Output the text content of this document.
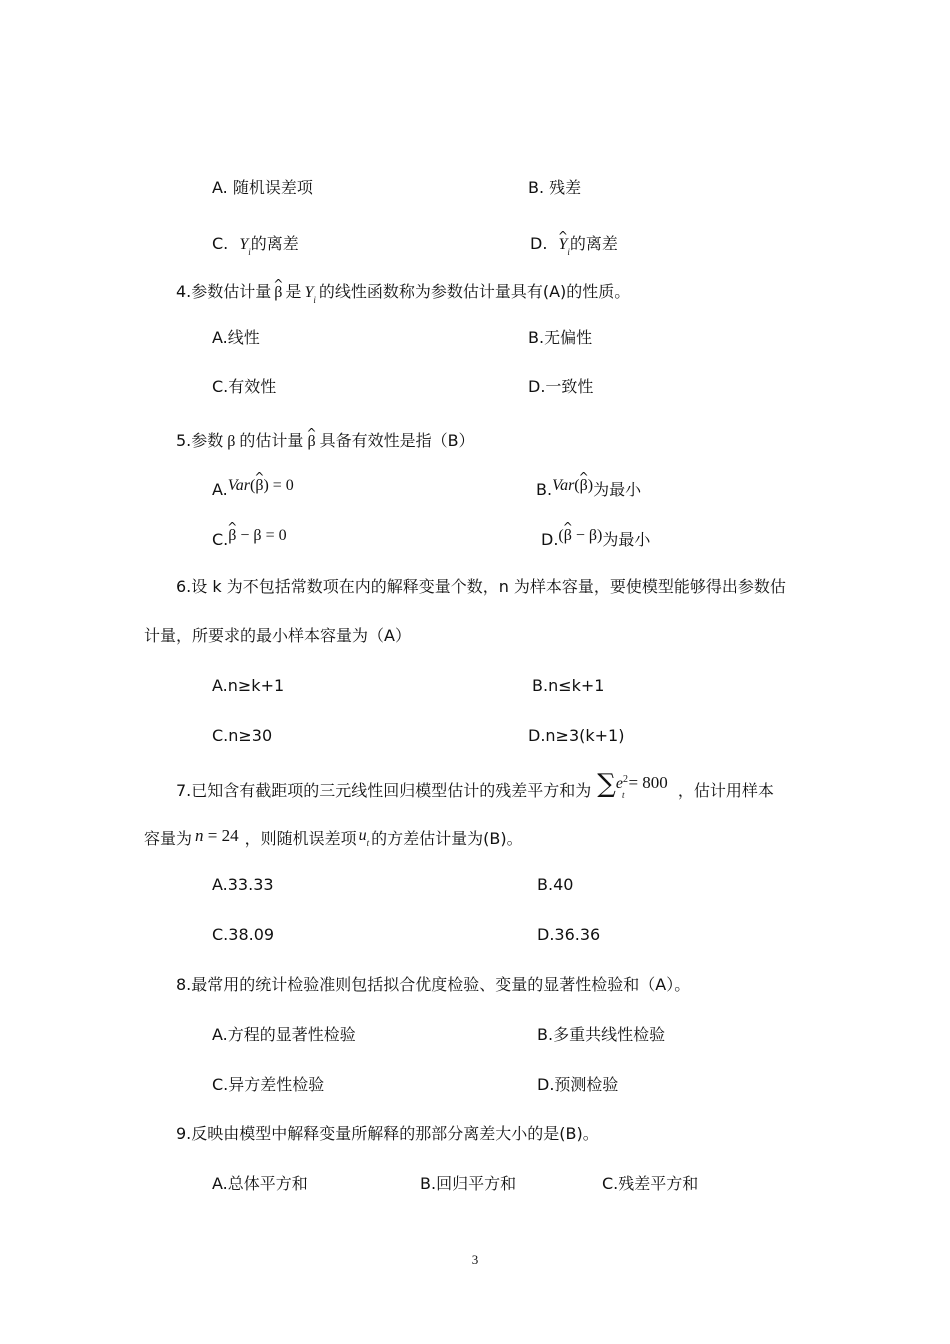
A. 随机误差项	B. 残差
C. $Y_i$的离差	D. ^ $Y_i$的离差
4.参数估计量 ^ β 是 $Y_i$ 的线性函数称为参数估计量具有(A)的性质。
A.线性	B.无偏性
C.有效性	D.一致性
5.参数 β 的估计量 ^ β 具备有效性是指（B）
A.Var(^ β) = 0	B.Var(^ β)为最小
C.^ β − β = 0	D.(^ β − β)为最小
6.设 k 为不包括常数项在内的解释变量个数，n 为样本容量，要使模型能够得出参数估
计量，所要求的最小样本容量为（A）
A.n≥k+1	B.n≤k+1
C.n≥30	D.n≥3(k+1)
7.已知含有截距项的三元线性回归模型估计的残差平方和为 $\sum e^2_t = 800$ ，估计用样本
容量为 n = 24 ，则随机误差项 $u_t$ 的方差估计量为(B)。
A.33.33	B.40
C.38.09	D.36.36
8.最常用的统计检验准则包括拟合优度检验、变量的显著性检验和（A）。
A.方程的显著性检验	B.多重共线性检验
C.异方差性检验	D.预测检验
9.反映由模型中解释变量所解释的那部分离差大小的是(B)。
A.总体平方和	B.回归平方和	C.残差平方和
3
